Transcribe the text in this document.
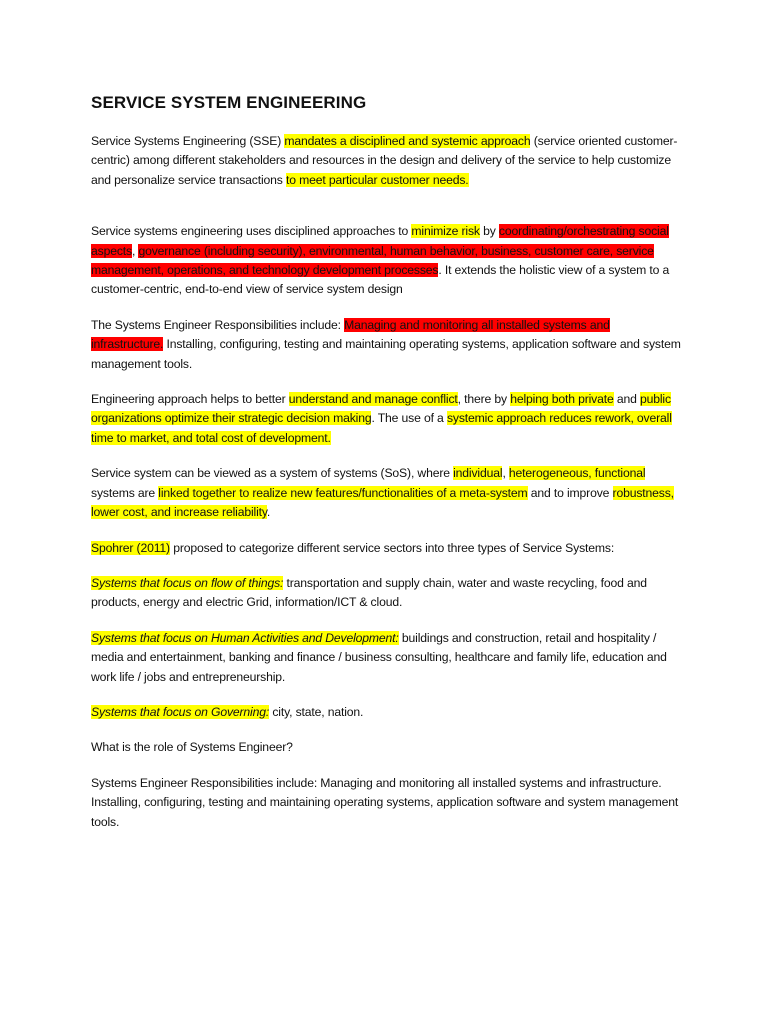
SERVICE SYSTEM ENGINEERING

Service Systems Engineering (SSE) mandates a disciplined and systemic approach (service oriented customer-centric) among different stakeholders and resources in the design and delivery of the service to help customize and personalize service transactions to meet particular customer needs.

Service systems engineering uses disciplined approaches to minimize risk by coordinating/orchestrating social aspects, governance (including security), environmental, human behavior, business, customer care, service management, operations, and technology development processes. It extends the holistic view of a system to a customer-centric, end-to-end view of service system design

The Systems Engineer Responsibilities include: Managing and monitoring all installed systems and infrastructure. Installing, configuring, testing and maintaining operating systems, application software and system management tools.

Engineering approach helps to better understand and manage conflict, there by helping both private and public organizations optimize their strategic decision making. The use of a systemic approach reduces rework, overall time to market, and total cost of development.

Service system can be viewed as a system of systems (SoS), where individual, heterogeneous, functional systems are linked together to realize new features/functionalities of a meta-system and to improve robustness, lower cost, and increase reliability.

Spohrer (2011) proposed to categorize different service sectors into three types of Service Systems:

Systems that focus on flow of things: transportation and supply chain, water and waste recycling, food and products, energy and electric Grid, information/ICT & cloud.

Systems that focus on Human Activities and Development: buildings and construction, retail and hospitality / media and entertainment, banking and finance / business consulting, healthcare and family life, education and work life / jobs and entrepreneurship.

Systems that focus on Governing: city, state, nation.

What is the role of Systems Engineer?

Systems Engineer Responsibilities include: Managing and monitoring all installed systems and infrastructure. Installing, configuring, testing and maintaining operating systems, application software and system management tools.
